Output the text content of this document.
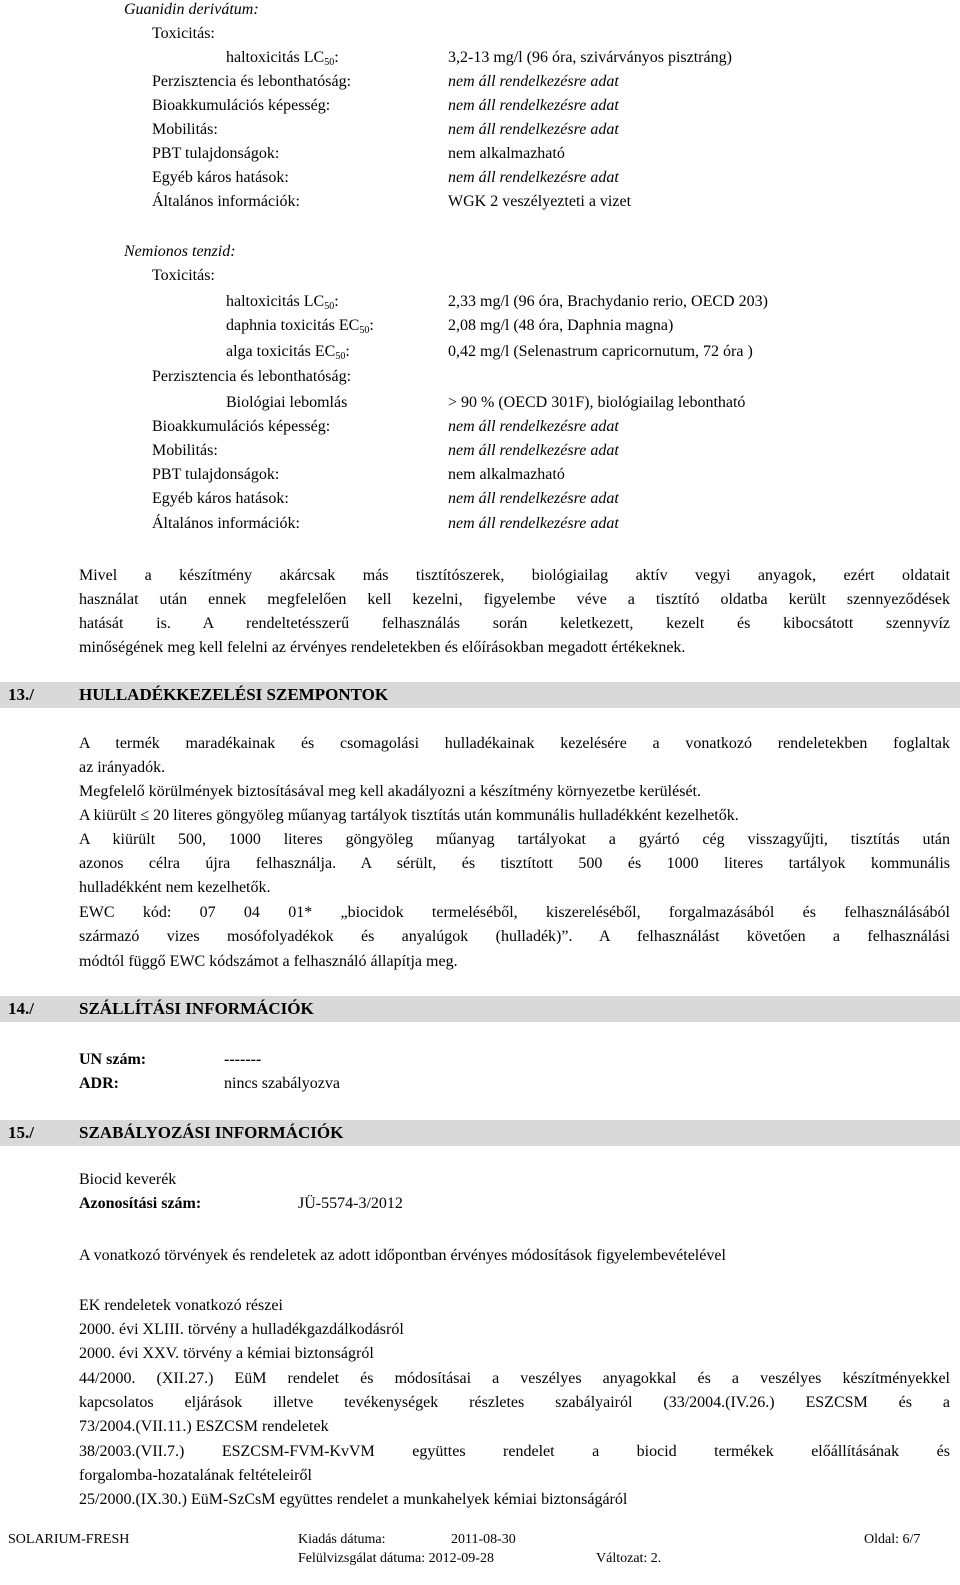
Guanidin derivátum:
Toxicitás:
haltoxicitás $LC_{50}$:	3,2-13 mg/l (96 óra, szivárványos pisztráng)
Perzisztencia és lebonthatóság:	nem áll rendelkezésre adat
Bioakkumulációs képesség:	nem áll rendelkezésre adat
Mobilitás:	nem áll rendelkezésre adat
PBT tulajdonságok:	nem alkalmazható
Egyéb káros hatások:	nem áll rendelkezésre adat
Általános információk:	WGK 2 veszélyezteti a vizet
Nemionos tenzid:
Toxicitás:
haltoxicitás $LC_{50}$:	2,33 mg/l (96 óra, Brachydanio rerio, OECD 203)
daphnia toxicitás $EC_{50}$:	2,08 mg/l (48 óra, Daphnia magna)
alga toxicitás $EC_{50}$:	0,42 mg/l (Selenastrum capricornutum, 72 óra )
Perzisztencia és lebonthatóság:
Biológiai lebomlás	> 90 % (OECD 301F), biológiailag lebontható
Bioakkumulációs képesség:	nem áll rendelkezésre adat
Mobilitás:	nem áll rendelkezésre adat
PBT tulajdonságok:	nem alkalmazható
Egyéb káros hatások:	nem áll rendelkezésre adat
Általános információk:	nem áll rendelkezésre adat
Mivel a készítmény akárcsak más tisztítószerek, biológiailag aktív vegyi anyagok, ezért oldatait
használat után ennek megfelelően kell kezelni, figyelembe véve a tisztító oldatba került szennyeződések
hatását is. A rendeltetésszerű felhasználás során keletkezett, kezelt és kibocsátott szennyvíz
minőségének meg kell felelni az érvényes rendeletekben és előírásokban megadott értékeknek.
13./	HULLADÉKKEZELÉSI SZEMPONTOK
A termék maradékainak és csomagolási hulladékainak kezelésére a vonatkozó rendeletekben foglaltak
az irányadók.
Megfelelő körülmények biztosításával meg kell akadályozni a készítmény környezetbe kerülését.
A kiürült ≤ 20 literes göngyöleg műanyag tartályok tisztítás után kommunális hulladékként kezelhetők.
A kiürült 500, 1000 literes göngyöleg műanyag tartályokat a gyártó cég visszagyűjti, tisztítás után
azonos célra újra felhasználja. A sérült, és tisztított 500 és 1000 literes tartályok kommunális
hulladékként nem kezelhetők.
EWC kód: 07 04 01* „biocidok termeléséből, kiszereléséből, forgalmazásából és felhasználásából
származó vizes mosófolyadékok és anyalúgok (hulladék)”. A felhasználást követően a felhasználási
módtól függő EWC kódszámot a felhasználó állapítja meg.
14./	SZÁLLÍTÁSI INFORMÁCIÓK
UN szám:	-------
ADR:	nincs szabályozva
15./	SZABÁLYOZÁSI INFORMÁCIÓK
Biocid keverék
Azonosítási szám:	JÜ-5574-3/2012
A vonatkozó törvények és rendeletek az adott időpontban érvényes módosítások figyelembevételével
EK rendeletek vonatkozó részei
2000. évi XLIII. törvény a hulladékgazdálkodásról
2000. évi XXV. törvény a kémiai biztonságról
44/2000. (XII.27.) EüM rendelet és módosításai a veszélyes anyagokkal és a veszélyes készítményekkel
kapcsolatos eljárások illetve tevékenységek részletes szabályairól (33/2004.(IV.26.) ESZCSM és a
73/2004.(VII.11.) ESZCSM rendeletek
38/2003.(VII.7.) ESZCSM-FVM-KvVM együttes rendelet a biocid termékek előállításának és
forgalomba-hozatalának feltételeiről
25/2000.(IX.30.) EüM-SzCsM együttes rendelet a munkahelyek kémiai biztonságáról
SOLARIUM-FRESH	Kiadás dátuma:	2011-08-30	Oldal: 6/7
Felülvizsgálat dátuma: 2012-09-28	Változat: 2.
